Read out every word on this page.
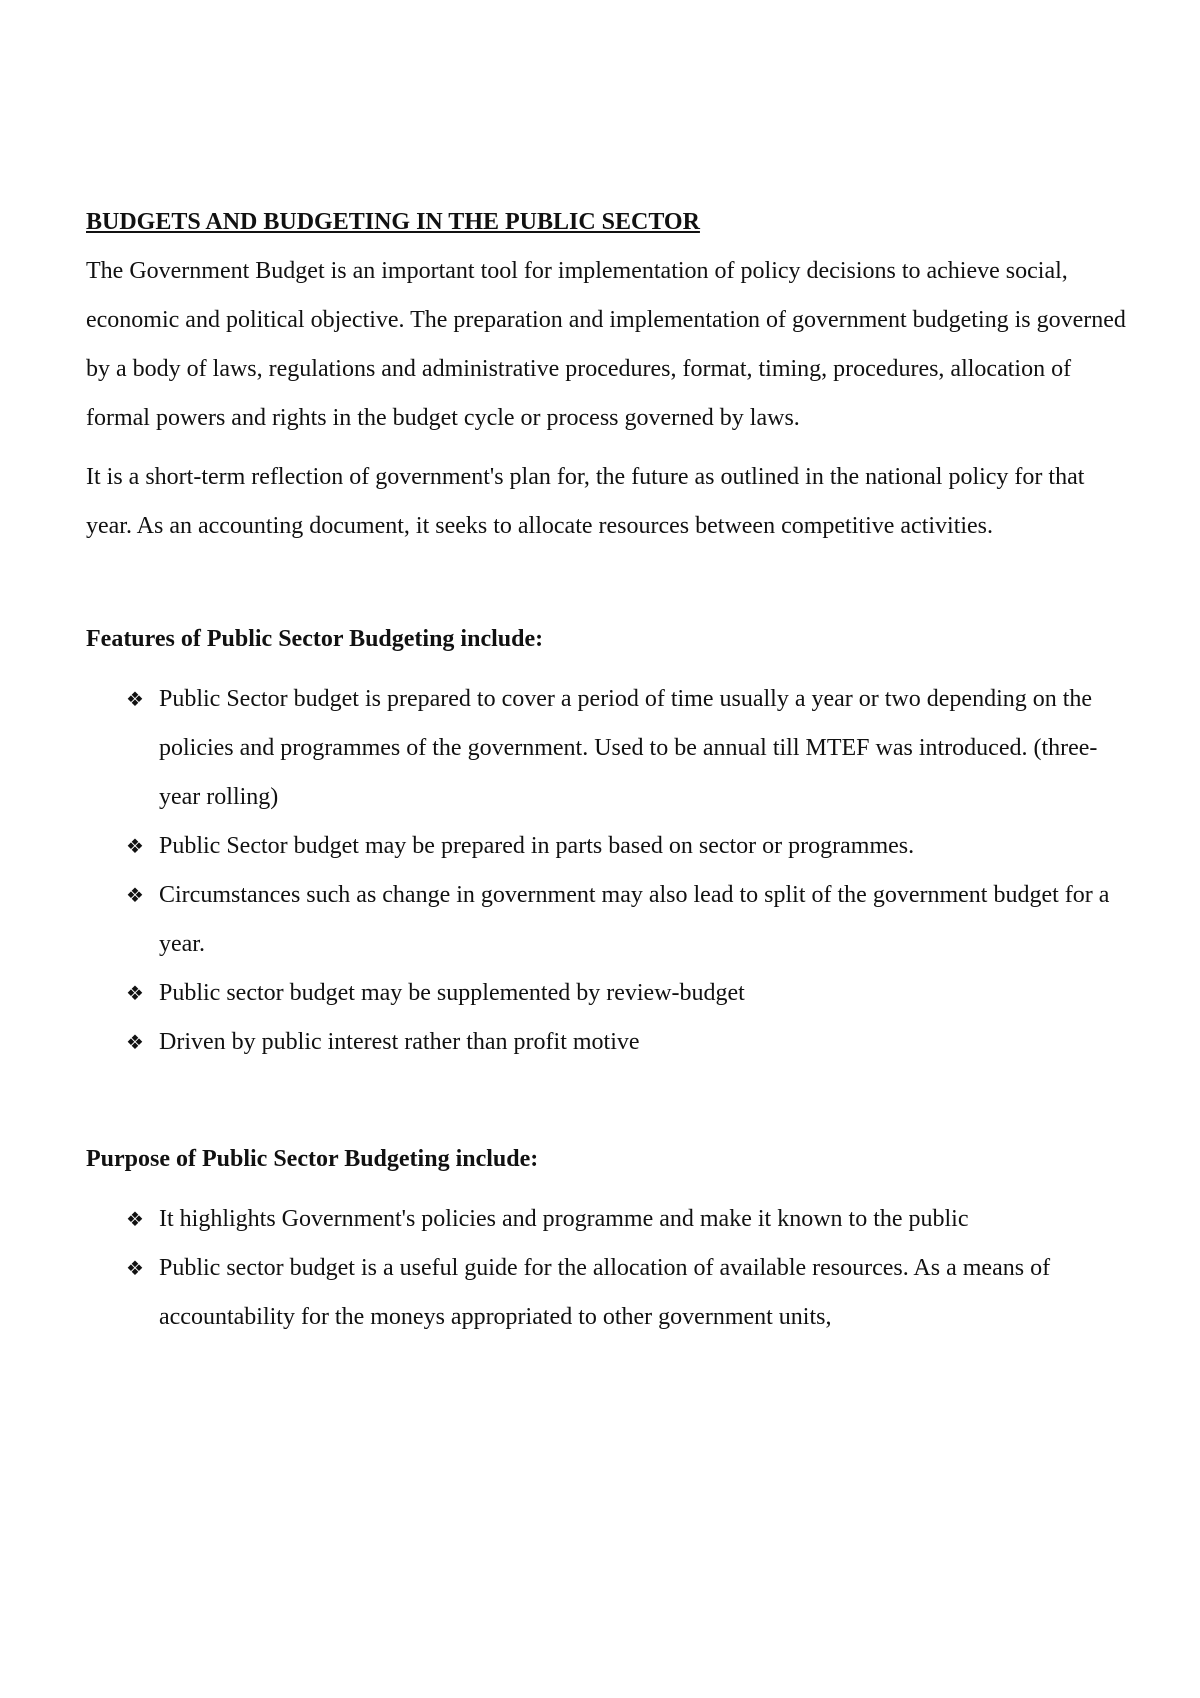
BUDGETS AND BUDGETING IN THE PUBLIC SECTOR

The Government Budget is an important tool for implementation of policy decisions to achieve social, economic and political objective. The preparation and implementation of government budgeting is governed by a body of laws, regulations and administrative procedures, format, timing, procedures, allocation of formal powers and rights in the budget cycle or process governed by laws.

It is a short-term reflection of government's plan for, the future as outlined in the national policy for that year. As an accounting document, it seeks to allocate resources between competitive activities.

Features of Public Sector Budgeting include:
❖ Public Sector budget is prepared to cover a period of time usually a year or two depending on the policies and programmes of the government. Used to be annual till MTEF was introduced. (three-year rolling)
❖ Public Sector budget may be prepared in parts based on sector or programmes.
❖ Circumstances such as change in government may also lead to split of the government budget for a year.
❖ Public sector budget may be supplemented by review-budget
❖ Driven by public interest rather than profit motive
Purpose of Public Sector Budgeting include:
❖ It highlights Government's policies and programme and make it known to the public
❖ Public sector budget is a useful guide for the allocation of available resources. As a means of accountability for the moneys appropriated to other government units,
